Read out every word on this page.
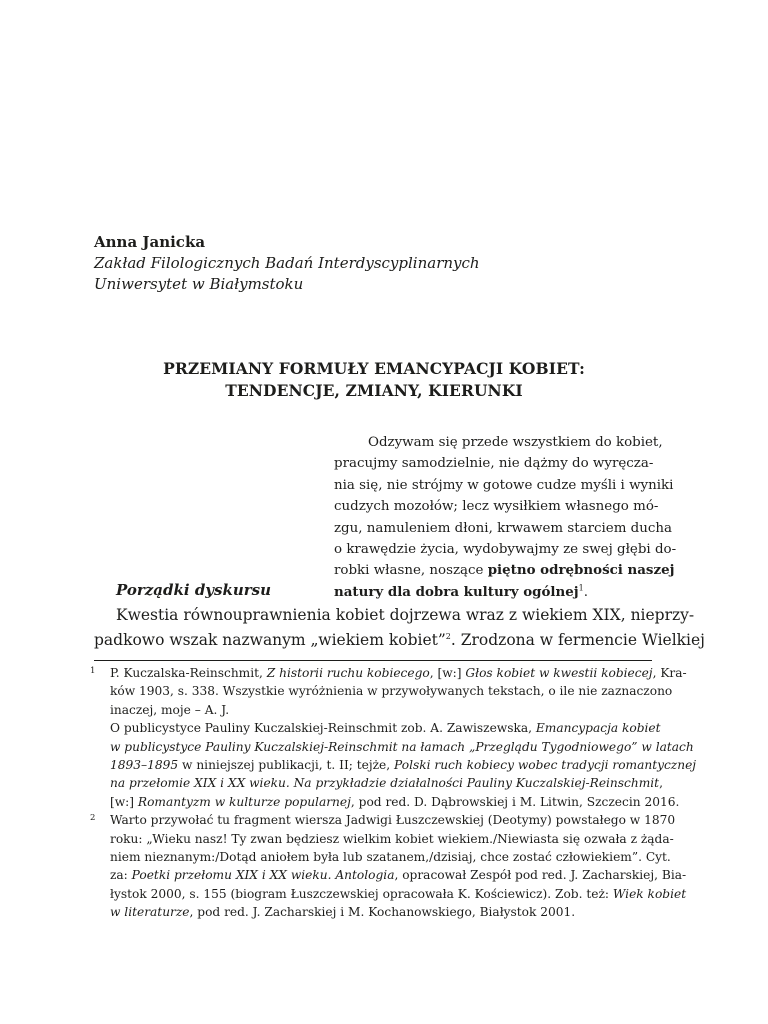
Anna Janicka
Zakład Filologicznych Badań Interdyscyplinarnych
Uniwersytet w Białymstoku
PRZEMIANY FORMUŁY EMANCYPACJI KOBIET:
TENDENCJE, ZMIANY, KIERUNKI
Odzywam się przede wszystkiem do kobiet,
pracujmy samodzielnie, nie dążmy do wyręcza-
nia się, nie strójmy w gotowe cudze myśli i wyniki
cudzych mozołów; lecz wysiłkiem własnego mó-
zgu, namuleniem dłoni, krwawem starciem ducha
o krawędzie życia, wydobywajmy ze swej głębi do-
robki własne, noszące piętno odrębności naszej
natury dla dobra kultury ogólnej$^1$.
Porządki dyskursu
Kwestia równouprawnienia kobiet dojrzewa wraz z wiekiem XIX, nieprzy-
padkowo wszak nazwanym „wiekiem kobiet”$^2$. Zrodzona w fermencie Wielkiej
1 P. Kuczalska-Reinschmit, Z historii ruchu kobiecego, [w:] Głos kobiet w kwestii kobiecej, Kra-
ków 1903, s. 338. Wszystkie wyróżnienia w przywoływanych tekstach, o ile nie zaznaczono
inaczej, moje – A. J.
O publicystyce Pauliny Kuczalskiej-Reinschmit zob. A. Zawiszewska, Emancypacja kobiet
w publicystyce Pauliny Kuczalskiej-Reinschmit na łamach „Przeglądu Tygodniowego” w latach
1893–1895 w niniejszej publikacji, t. II; tejże, Polski ruch kobiecy wobec tradycji romantycznej
na przełomie XIX i XX wieku. Na przykładzie działalności Pauliny Kuczalskiej-Reinschmit,
[w:] Romantyzm w kulturze popularnej, pod red. D. Dąbrowskiej i M. Litwin, Szczecin 2016.
2 Warto przywołać tu fragment wiersza Jadwigi Łuszczewskiej (Deotymy) powstałego w 1870
roku: „Wieku nasz! Ty zwan będziesz wielkim kobiet wiekiem./Niewiasta się ozwała z żąda-
niem nieznanym:/Dotąd aniołem była lub szatanem,/dzisiaj, chce zostać człowiekiem”. Cyt.
za: Poetki przełomu XIX i XX wieku. Antologia, opracował Zespół pod red. J. Zacharskiej, Bia-
łystok 2000, s. 155 (biogram Łuszczewskiej opracowała K. Kościewicz). Zob. też: Wiek kobiet
w literaturze, pod red. J. Zacharskiej i M. Kochanowskiego, Białystok 2001.
